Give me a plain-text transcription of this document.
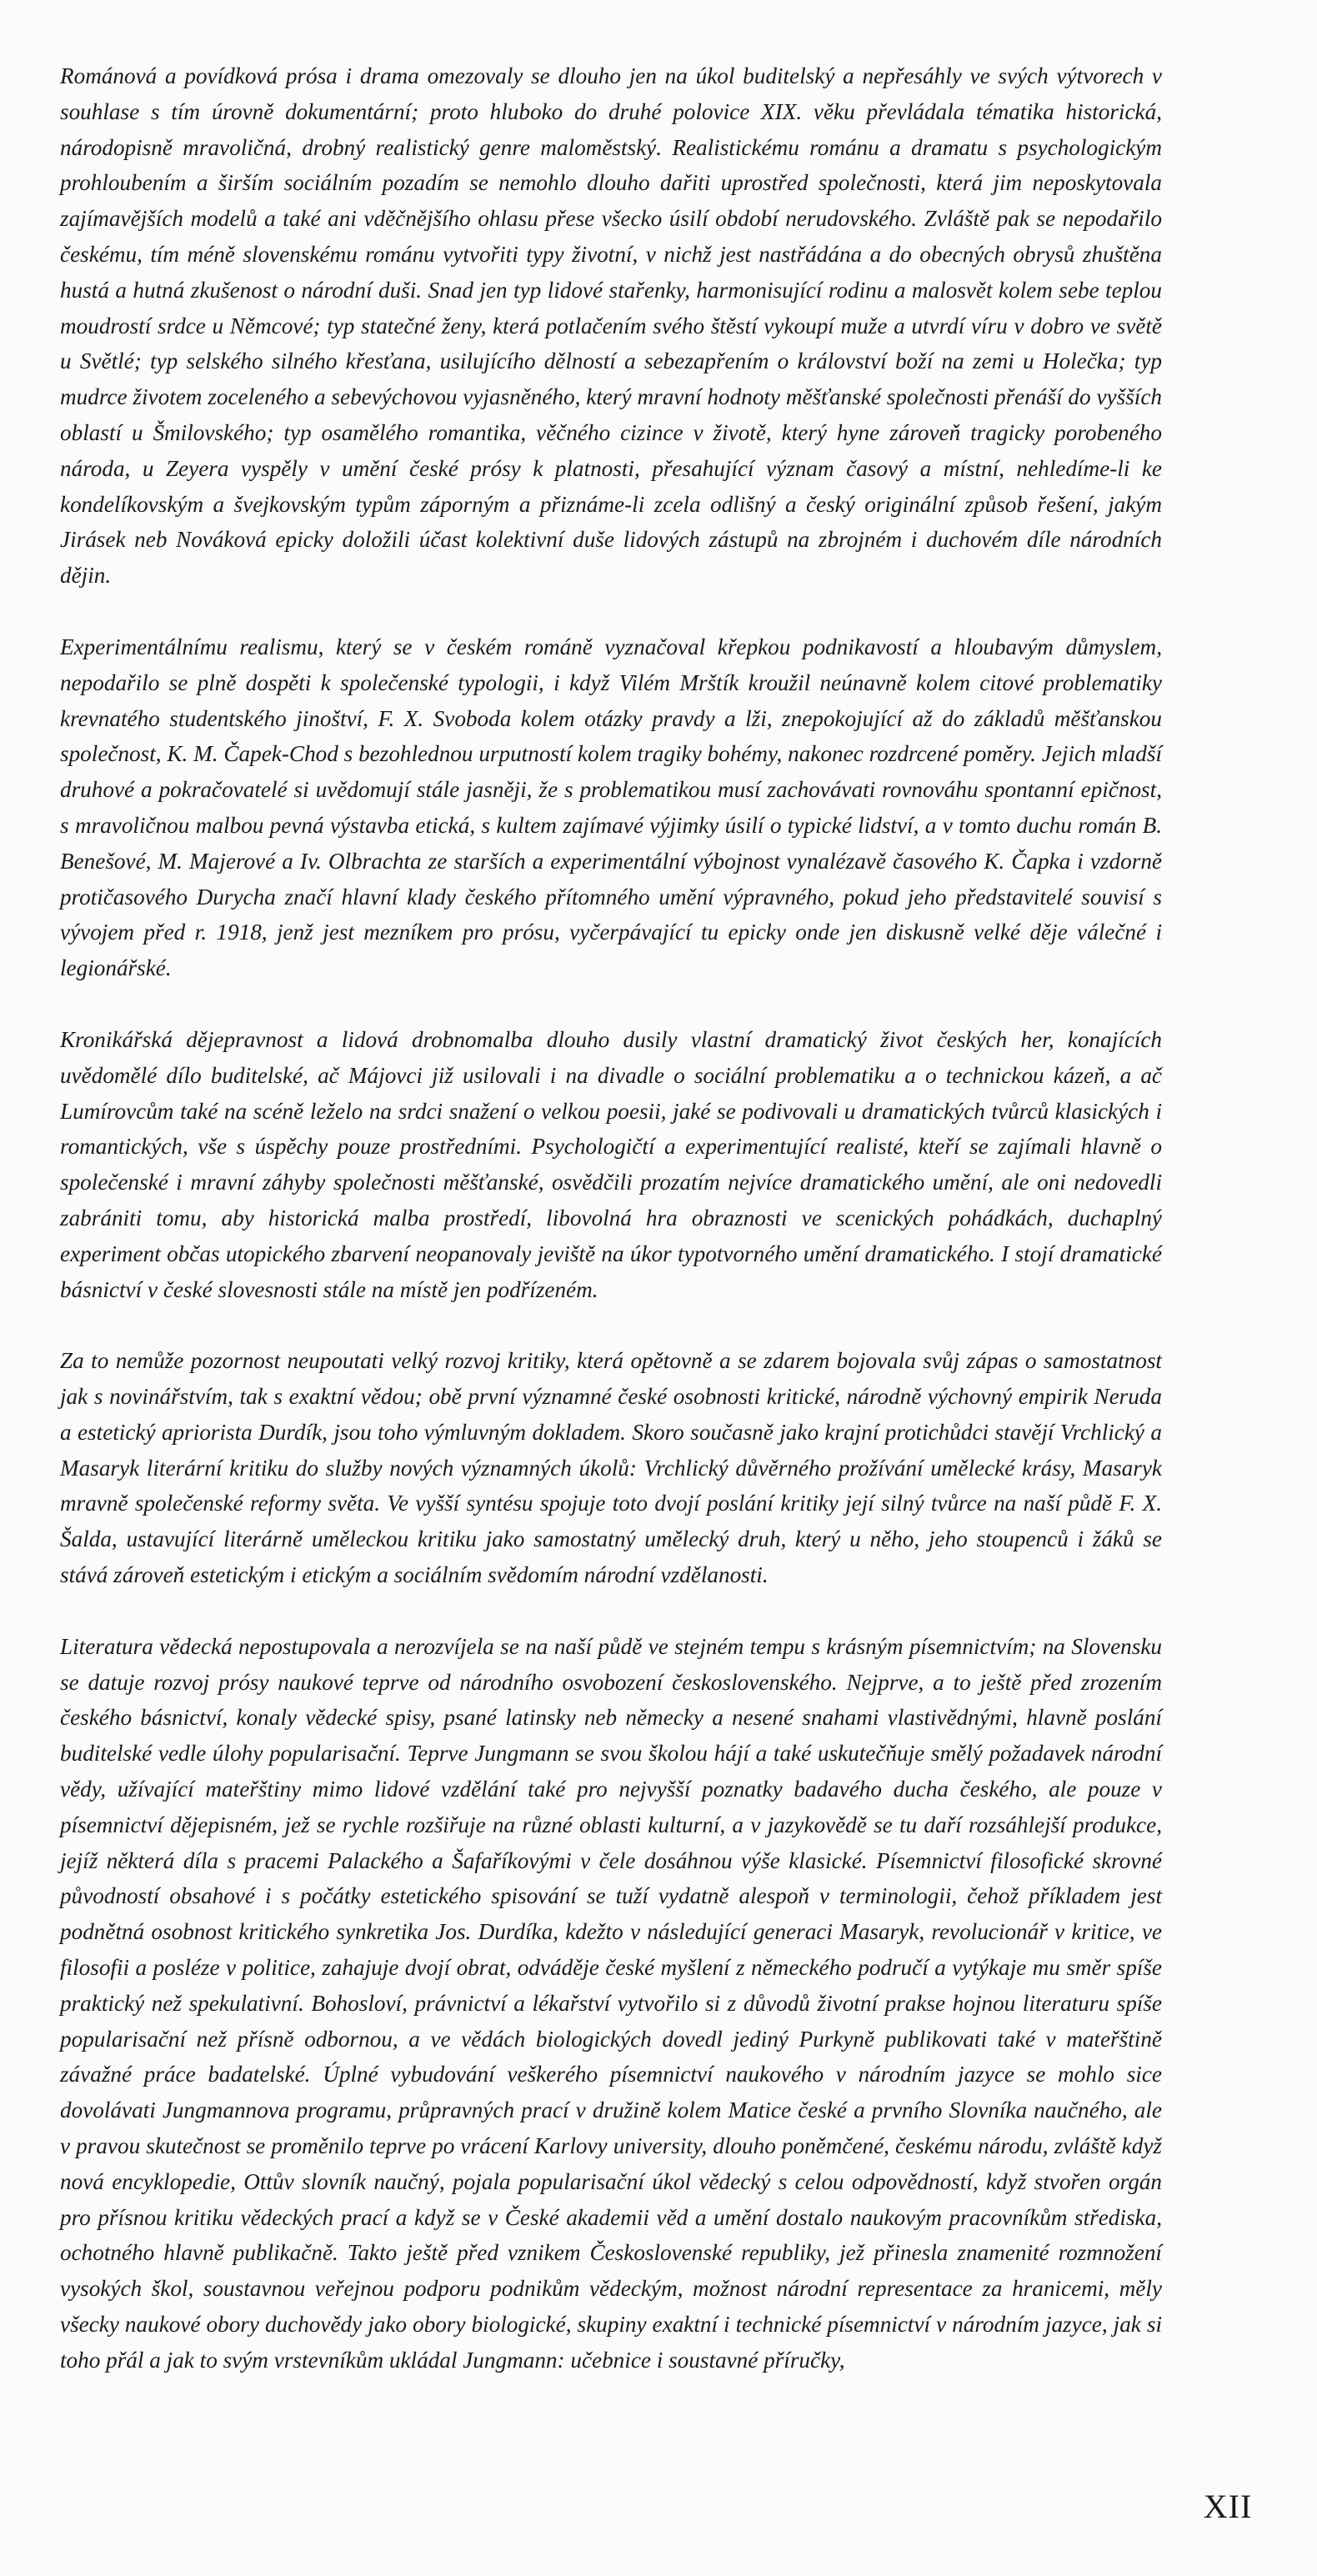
Románová a povídková prósa i drama omezovaly se dlouho jen na úkol buditelský a nepřesáhly ve svých výtvorech v souhlase s tím úrovně dokumentární; proto hluboko do druhé polovice XIX. věku převládala tématika historická, národopisně mravoličná, drobný realistický genre maloměstský. Realistickému románu a dramatu s psychologickým prohloubením a širším sociálním pozadím se nemohlo dlouho dařiti uprostřed společnosti, která jim neposkytovala zajímavějších modelů a také ani vděčnějšího ohlasu přese všecko úsilí období nerudovského. Zvláště pak se nepodařilo českému, tím méně slovenskému románu vytvořiti typy životní, v nichž jest nastřádána a do obecných obrysů zhuštěna hustá a hutná zkušenost o národní duši. Snad jen typ lidové stařenky, harmonisující rodinu a malosvět kolem sebe teplou moudrostí srdce u Němcové; typ statečné ženy, která potlačením svého štěstí vykoupí muže a utvrdí víru v dobro ve světě u Světlé; typ selského silného křesťana, usilujícího dělností a sebezapřením o království boží na zemi u Holečka; typ mudrce životem zoceleného a sebevýchovou vyjasněného, který mravní hodnoty měšťanské společnosti přenáší do vyšších oblastí u Šmilovského; typ osamělého romantika, věčného cizince v životě, který hyne zároveň tragicky porobeného národa, u Zeyera vyspěly v umění české prósy k platnosti, přesahující význam časový a místní, nehledíme-li ke kondelíkovským a švejkovským typům záporným a přiznáme-li zcela odlišný a český originální způsob řešení, jakým Jirásek neb Nováková epicky doložili účast kolektivní duše lidových zástupů na zbrojném i duchovém díle národních dějin.

Experimentálnímu realismu, který se v českém románě vyznačoval křepkou podnikavostí a hloubavým důmyslem, nepodařilo se plně dospěti k společenské typologii, i když Vilém Mrštík kroužil neúnavně kolem citové problematiky krevnatého studentského jinoštví, F. X. Svoboda kolem otázky pravdy a lži, znepokojující až do základů měšťanskou společnost, K. M. Čapek-Chod s bezohlednou urputností kolem tragiky bohémy, nakonec rozdrcené poměry. Jejich mladší druhové a pokračovatelé si uvědomují stále jasněji, že s problematikou musí zachovávati rovnováhu spontanní epičnost, s mravoličnou malbou pevná výstavba etická, s kultem zajímavé výjimky úsilí o typické lidství, a v tomto duchu román B. Benešové, M. Majerové a Iv. Olbrachta ze starších a experimentální výbojnost vynalézavě časového K. Čapka i vzdorně protičasového Durycha značí hlavní klady českého přítomného umění výpravného, pokud jeho představitelé souvisí s vývojem před r. 1918, jenž jest mezníkem pro prósu, vyčerpávající tu epicky onde jen diskusně velké děje válečné i legionářské.

Kronikářská dějepravnost a lidová drobnomalba dlouho dusily vlastní dramatický život českých her, konajících uvědomělé dílo buditelské, ač Májovci již usilovali i na divadle o sociální problematiku a o technickou kázeň, a ač Lumírovcům také na scéně leželo na srdci snažení o velkou poesii, jaké se podivovali u dramatických tvůrců klasických i romantických, vše s úspěchy pouze prostředními. Psychologičtí a experimentující realisté, kteří se zajímali hlavně o společenské i mravní záhyby společnosti měšťanské, osvědčili prozatím nejvíce dramatického umění, ale oni nedovedli zabrániti tomu, aby historická malba prostředí, libovolná hra obraznosti ve scenických pohádkách, duchaplný experiment občas utopického zbarvení neopanovaly jeviště na úkor typotvorného umění dramatického. I stojí dramatické básnictví v české slovesnosti stále na místě jen podřízeném.

Za to nemůže pozornost neupoutati velký rozvoj kritiky, která opětovně a se zdarem bojovala svůj zápas o samostatnost jak s novinářstvím, tak s exaktní vědou; obě první významné české osobnosti kritické, národně výchovný empirik Neruda a estetický apriorista Durdík, jsou toho výmluvným dokladem. Skoro současně jako krajní protichůdci stavějí Vrchlický a Masaryk literární kritiku do služby nových významných úkolů: Vrchlický důvěrného prožívání umělecké krásy, Masaryk mravně společenské reformy světa. Ve vyšší syntésu spojuje toto dvojí poslání kritiky její silný tvůrce na naší půdě F. X. Šalda, ustavující literárně uměleckou kritiku jako samostatný umělecký druh, který u něho, jeho stoupenců i žáků se stává zároveň estetickým i etickým a sociálním svědomím národní vzdělanosti.

Literatura vědecká nepostupovala a nerozvíjela se na naší půdě ve stejném tempu s krásným písemnictvím; na Slovensku se datuje rozvoj prósy naukové teprve od národního osvobození československého. Nejprve, a to ještě před zrozením českého básnictví, konaly vědecké spisy, psané latinsky neb německy a nesené snahami vlastivědnými, hlavně poslání buditelské vedle úlohy popularisační. Teprve Jungmann se svou školou hájí a také uskutečňuje smělý požadavek národní vědy, užívající mateřštiny mimo lidové vzdělání také pro nejvyšší poznatky badavého ducha českého, ale pouze v písemnictví dějepisném, jež se rychle rozšiřuje na různé oblasti kulturní, a v jazykovědě se tu daří rozsáhlejší produkce, jejíž některá díla s pracemi Palackého a Šafaříkovými v čele dosáhnou výše klasické. Písemnictví filosofické skrovné původností obsahové i s počátky estetického spisování se tuží vydatně alespoň v terminologii, čehož příkladem jest podnětná osobnost kritického synkretika Jos. Durdíka, kdežto v následující generaci Masaryk, revolucionář v kritice, ve filosofii a posléze v politice, zahajuje dvojí obrat, odváděje české myšlení z německého područí a vytýkaje mu směr spíše praktický než spekulativní. Bohosloví, právnictví a lékařství vytvořilo si z důvodů životní prakse hojnou literaturu spíše popularisační než přísně odbornou, a ve vědách biologických dovedl jediný Purkyně publikovati také v mateřštině závažné práce badatelské. Úplné vybudování veškerého písemnictví naukového v národním jazyce se mohlo sice dovolávati Jungmannova programu, průpravných prací v družině kolem Matice české a prvního Slovníka naučného, ale v pravou skutečnost se proměnilo teprve po vrácení Karlovy university, dlouho poněmčené, českému národu, zvláště když nová encyklopedie, Ottův slovník naučný, pojala popularisační úkol vědecký s celou odpovědností, když stvořen orgán pro přísnou kritiku vědeckých prací a když se v České akademii věd a umění dostalo naukovým pracovníkům střediska, ochotného hlavně publikačně. Takto ještě před vznikem Československé republiky, jež přinesla znamenité rozmnožení vysokých škol, soustavnou veřejnou podporu podnikům vědeckým, možnost národní representace za hranicemi, měly všecky naukové obory duchovědy jako obory biologické, skupiny exaktní i technické písemnictví v národním jazyce, jak si toho přál a jak to svým vrstevníkům ukládal Jungmann: učebnice i soustavné příručky,

XII
